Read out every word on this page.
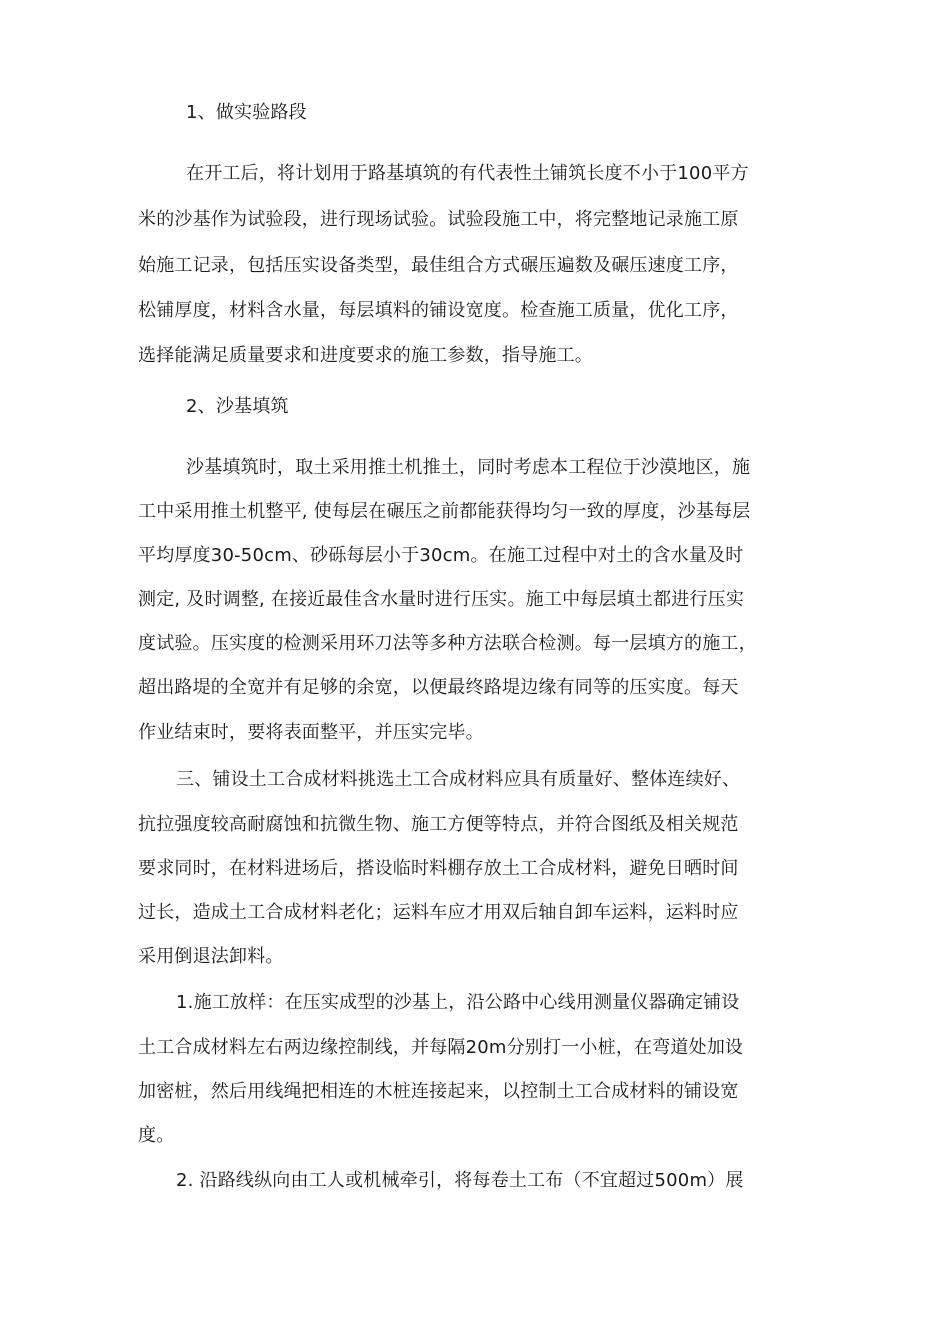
1、做实验路段
在开工后，将计划用于路基填筑的有代表性土铺筑长度不小于100平方
米的沙基作为试验段，进行现场试验。试验段施工中，将完整地记录施工原
始施工记录，包括压实设备类型，最佳组合方式碾压遍数及碾压速度工序，
松铺厚度，材料含水量，每层填料的铺设宽度。检查施工质量，优化工序，
选择能满足质量要求和进度要求的施工参数，指导施工。
2、沙基填筑
沙基填筑时，取土采用推土机推土，同时考虑本工程位于沙漠地区，施
工中采用推土机整平, 使每层在碾压之前都能获得均匀一致的厚度，沙基每层
平均厚度30-50cm、砂砾每层小于30cm。在施工过程中对土的含水量及时
测定, 及时调整, 在接近最佳含水量时进行压实。施工中每层填土都进行压实
度试验。压实度的检测采用环刀法等多种方法联合检测。每一层填方的施工，
超出路堤的全宽并有足够的余宽，以便最终路堤边缘有同等的压实度。每天
作业结束时，要将表面整平，并压实完毕。
三、铺设土工合成材料挑选土工合成材料应具有质量好、整体连续好、
抗拉强度较高耐腐蚀和抗微生物、施工方便等特点，并符合图纸及相关规范
要求同时，在材料进场后，搭设临时料棚存放土工合成材料，避免日晒时间
过长，造成土工合成材料老化；运料车应才用双后轴自卸车运料，运料时应
采用倒退法卸料。
1.施工放样：在压实成型的沙基上，沿公路中心线用测量仪器确定铺设
土工合成材料左右两边缘控制线，并每隔20m分别打一小桩，在弯道处加设
加密桩，然后用线绳把相连的木桩连接起来，以控制土工合成材料的铺设宽
度。
2. 沿路线纵向由工人或机械牵引，将每卷土工布（不宜超过500m）展
